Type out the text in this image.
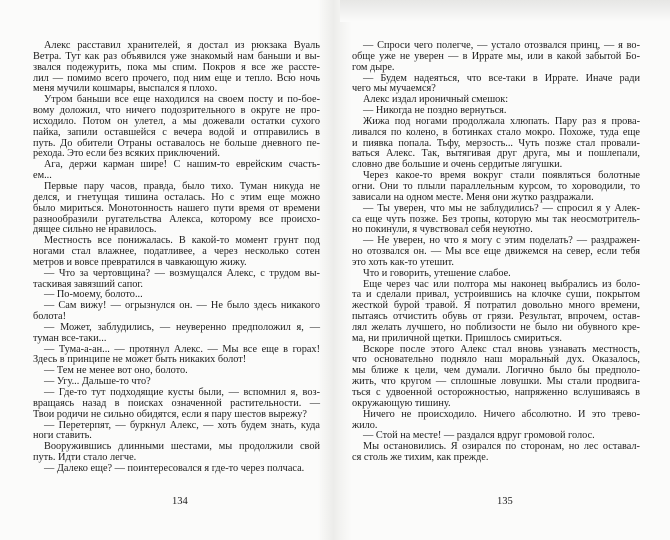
Алекс расставил хранителей, я достал из рюкзака Вуаль
Ветра. Тут как раз объявился уже знакомый нам баньши и вы-
звался подежурить, пока мы спим. Покров я все же рассте-
лил — помимо всего прочего, под ним еще и тепло. Всю ночь
меня мучили кошмары, выспался я плохо.
Утром баньши все еще находился на своем посту и по-бое-
вому доложил, что ничего подозрительного в округе не про-
исходило. Потом он улетел, а мы дожевали остатки сухого
пайка, запили оставшейся с вечера водой и отправились в
путь. До обители Отраны оставалось не больше дневного пе-
рехода. Это если без всяких приключений.
Ага, держи карман шире! С нашим-то еврейским счасть-
ем...
Первые пару часов, правда, было тихо. Туман никуда не
делся, и гнетущая тишина осталась. Но с этим еще можно
было мириться. Монотонность нашего пути время от времени
разнообразили ругательства Алекса, которому все происхо-
дящее сильно не нравилось.
Местность все понижалась. В какой-то момент грунт под
ногами стал влажнее, податливее, а через несколько сотен
метров и вовсе превратился в чавкающую жижу.
— Что за чертовщина? — возмущался Алекс, с трудом вы-
таскивая завязший сапог.
— По-моему, болото...
— Сам вижу! — огрызнулся он. — Не было здесь никакого
болота!
— Может, заблудились, — неуверенно предположил я, —
туман все-таки...
— Тума-а-ан... — протянул Алекс. — Мы все еще в горах!
Здесь в принципе не может быть никаких болот!
— Тем не менее вот оно, болото.
— Угу... Дальше-то что?
— Где-то тут подходящие кусты были, — вспомнил я, воз-
вращаясь назад в поисках означенной растительности. —
Твои родичи не сильно обидятся, если я пару шестов вырежу?
— Перетерпят, — буркнул Алекс, — хоть будем знать, куда
ноги ставить.
Вооружившись длинными шестами, мы продолжили свой
путь. Идти стало легче.
— Далеко еще? — поинтересовался я где-то через полчаса.
— Спроси чего полегче, — устало отозвался принц, — я во-
обще уже не уверен — в Иррате мы, или в какой забытой Бо-
гом дыре.
— Будем надеяться, что все-таки в Иррате. Иначе ради
чего мы мучаемся?
Алекс издал ироничный смешок:
— Никогда не поздно вернуться.
Жижа под ногами продолжала хлюпать. Пару раз я прова-
ливался по колено, в ботинках стало мокро. Похоже, туда еще
и пиявка попала. Тьфу, мерзость... Чуть позже стал провали-
ваться Алекс. Так, вытягивая друг друга, мы и пошлепали,
словно две большие и очень сердитые лягушки.
Через какое-то время вокруг стали появляться болотные
огни. Они то плыли параллельным курсом, то хороводили, то
зависали на одном месте. Меня они жутко раздражали.
— Ты уверен, что мы не заблудились? — спросил я у Алек-
са еще чуть позже. Без тропы, которую мы так неосмотритель-
но покинули, я чувствовал себя неуютно.
— Не уверен, но что я могу с этим поделать? — раздражен-
но отозвался он. — Мы все еще движемся на север, если тебя
это хоть как-то утешит.
Что и говорить, утешение слабое.
Еще через час или полтора мы наконец выбрались из боло-
та и сделали привал, устроившись на клочке суши, покрытом
жесткой бурой травой. Я потратил довольно много времени,
пытаясь отчистить обувь от грязи. Результат, впрочем, остав-
лял желать лучшего, но поблизости не было ни обувного кре-
ма, ни приличной щетки. Пришлось смириться.
Вскоре после этого Алекс стал вновь узнавать местность,
что основательно подняло наш моральный дух. Оказалось,
мы ближе к цели, чем думали. Логично было бы предполо-
жить, что кругом — сплошные ловушки. Мы стали продвига-
ться с удвоенной осторожностью, напряженно вслушиваясь в
окружающую тишину.
Ничего не происходило. Ничего абсолютно. И это трево-
жило.
— Стой на месте! — раздался вдруг громовой голос.
Мы остановились. Я озирался по сторонам, но лес оставал-
ся столь же тихим, как прежде.
134	135
